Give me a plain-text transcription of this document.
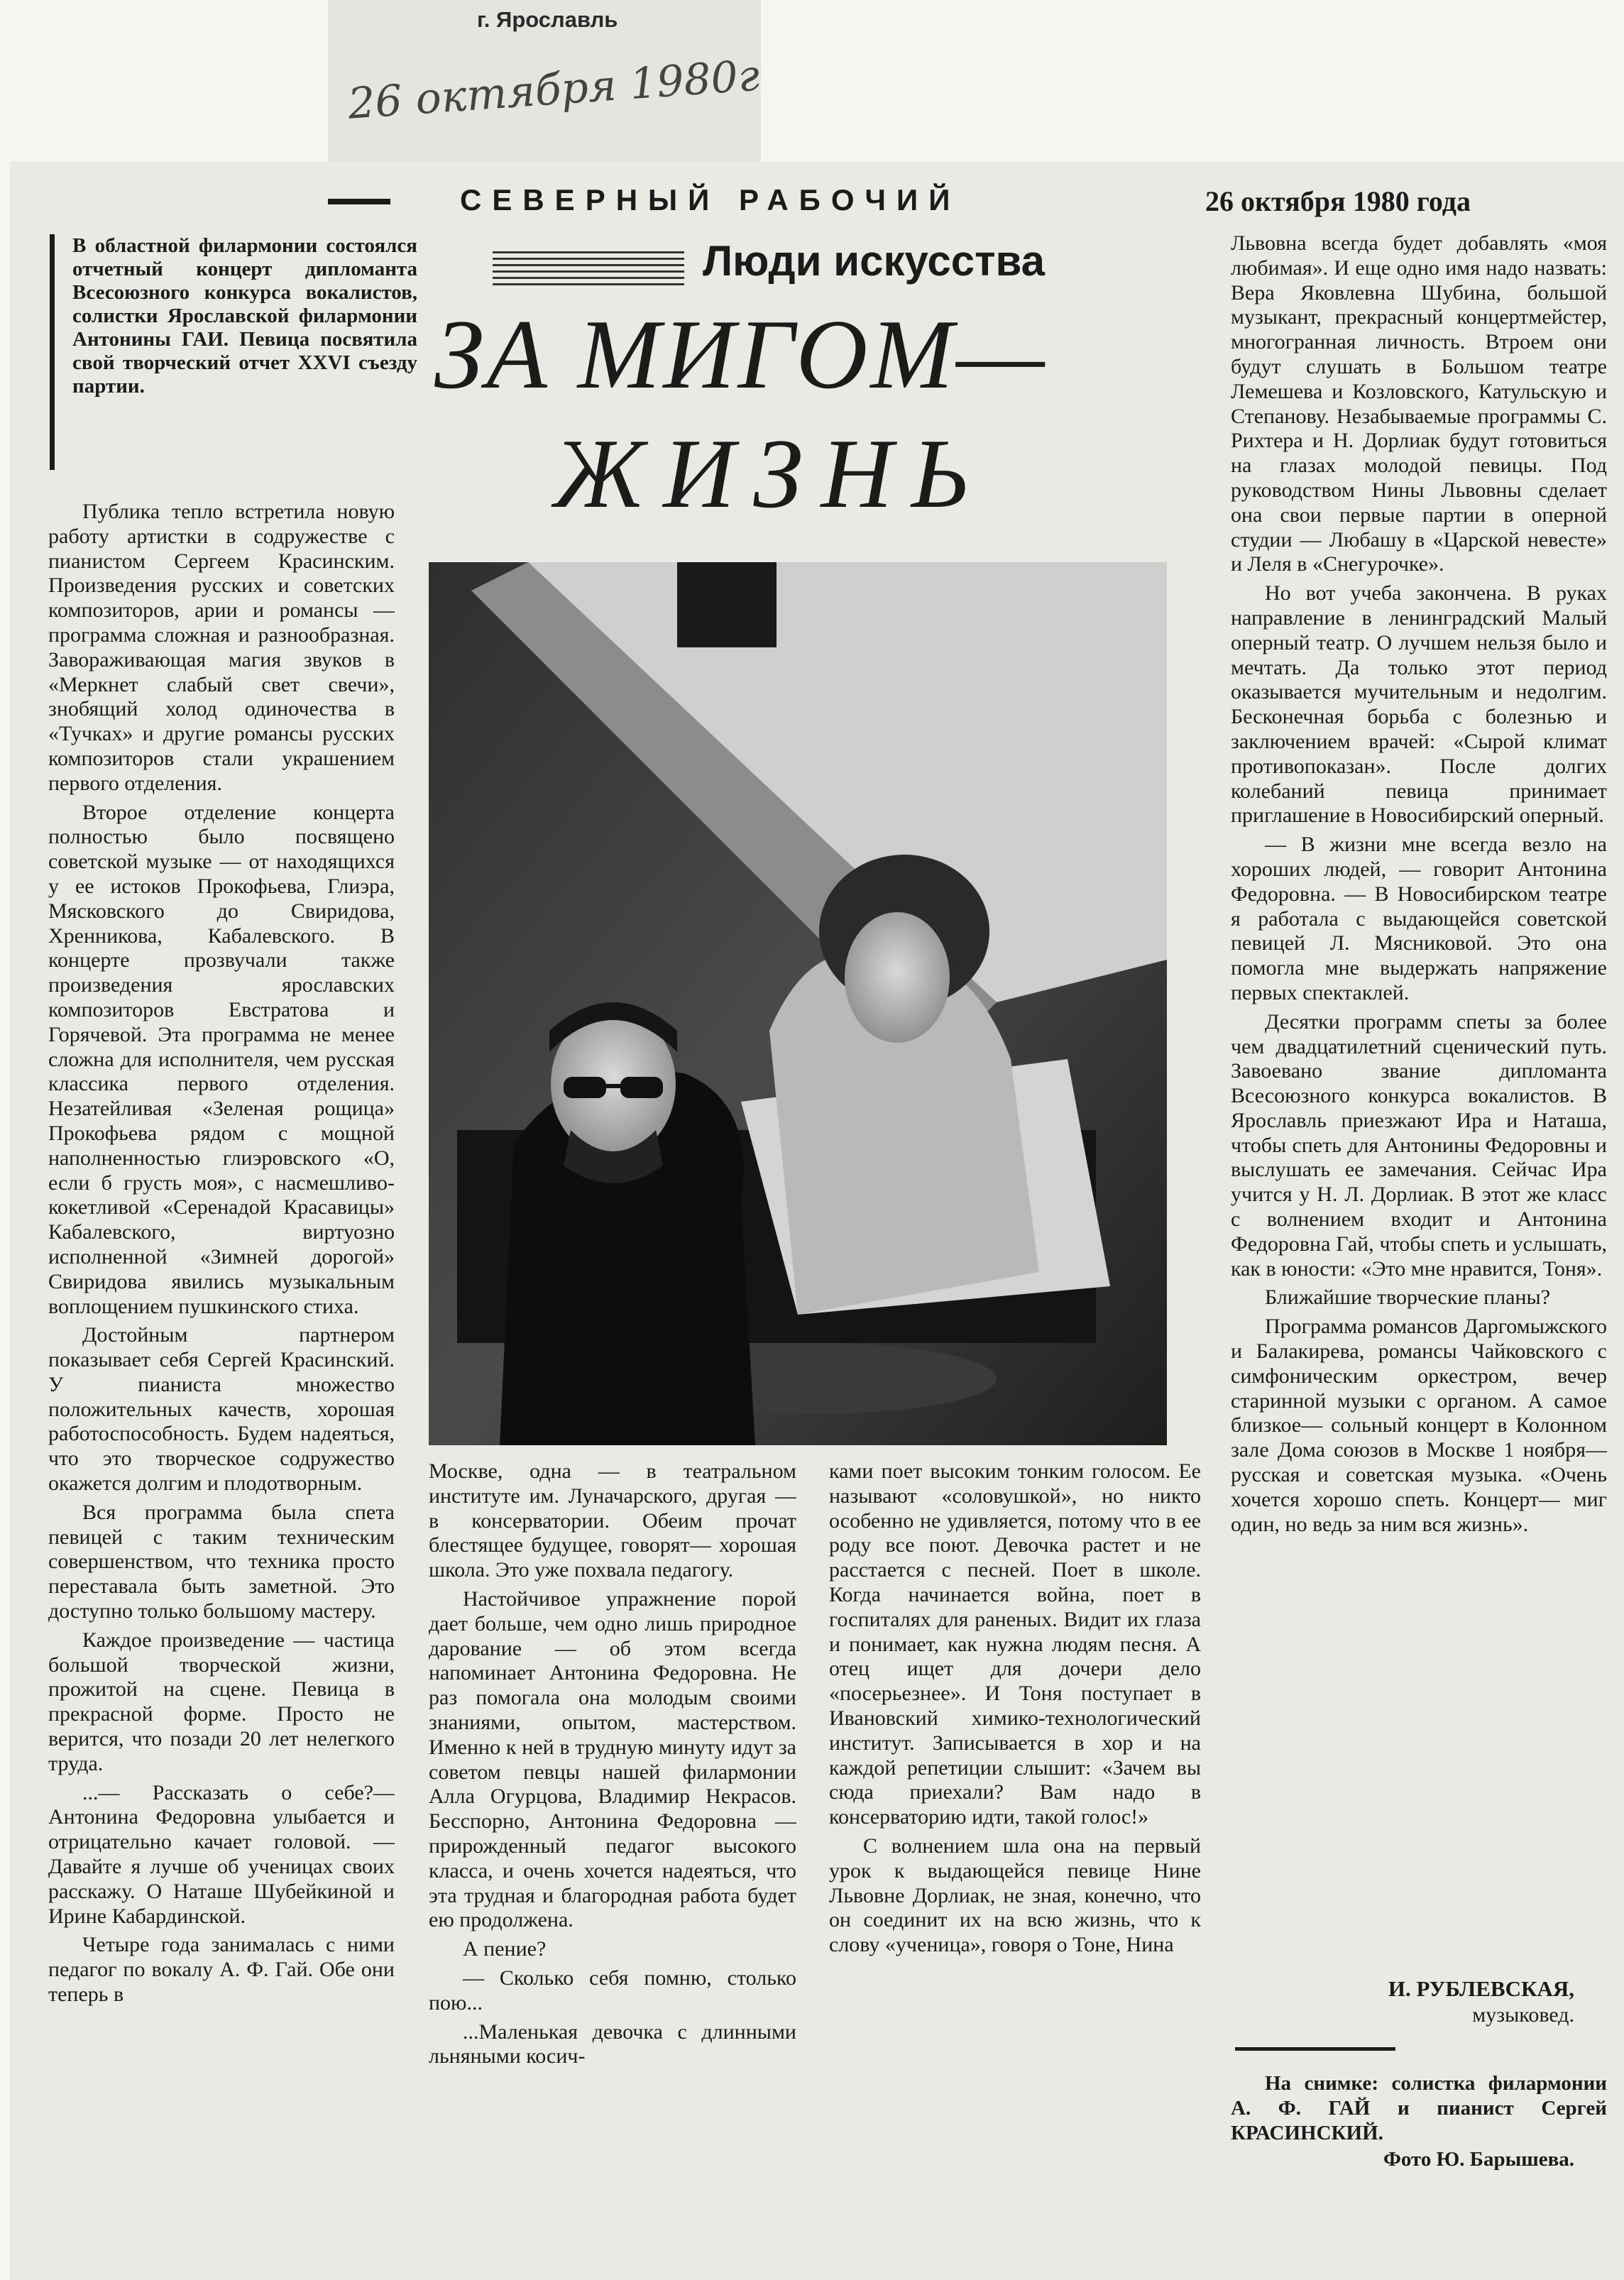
г. Ярославль
26 октября 1980г
СЕВЕРНЫЙ РАБОЧИЙ	26 октября 1980 года
В областной филармонии состоялся отчетный концерт дипломанта Всесоюзного конкурса вокалистов, солистки Ярославской филармонии Антонины ГАИ. Певица посвятила свой творческий отчет XXVI съезду партии.
Люди искусства
ЗА МИГОМ—
ЖИЗНЬ

Публика тепло встретила новую работу артистки в содружестве с пианистом Сергеем Красинским. Произведения русских и советских композиторов, арии и романсы — программа сложная и разнообразная. Завораживающая магия звуков в «Меркнет слабый свет свечи», знобящий холод одиночества в «Тучках» и другие романсы русских композиторов стали украшением первого отделения.

Второе отделение концерта полностью было посвящено советской музыке — от находящихся у ее истоков Прокофьева, Глиэра, Мясковского до Свиридова, Хренникова, Кабалевского. В концерте прозвучали также произведения ярославских композиторов Евстратова и Горячевой. Эта программа не менее сложна для исполнителя, чем русская классика первого отделения. Незатейливая «Зеленая рощица» Прокофьева рядом с мощной наполненностью глиэровского «О, если б грусть моя», с насмешливо-кокетливой «Серенадой Красавицы» Кабалевского, виртуозно исполненной «Зимней дорогой» Свиридова явились музыкальным воплощением пушкинского стиха.

Достойным партнером показывает себя Сергей Красинский. У пианиста множество положительных качеств, хорошая работоспособность. Будем надеяться, что это творческое содружество окажется долгим и плодотворным.

Вся программа была спета певицей с таким техническим совершенством, что техника просто переставала быть заметной. Это доступно только большому мастеру.

Каждое произведение — частица большой творческой жизни, прожитой на сцене. Певица в прекрасной форме. Просто не верится, что позади 20 лет нелегкого труда.

...— Рассказать о себе?— Антонина Федоровна улыбается и отрицательно качает головой. — Давайте я лучше об ученицах своих расскажу. О Наташе Шубейкиной и Ирине Кабардинской.

Четыре года занималась с ними педагог по вокалу А. Ф. Гай. Обе они теперь в

Москве, одна — в театральном институте им. Луначарского, другая — в консерватории. Обеим прочат блестящее будущее, говорят— хорошая школа. Это уже похвала педагогу.

Настойчивое упражнение порой дает больше, чем одно лишь природное дарование — об этом всегда напоминает Антонина Федоровна. Не раз помогала она молодым своими знаниями, опытом, мастерством. Именно к ней в трудную минуту идут за советом певцы нашей филармонии Алла Огурцова, Владимир Некрасов. Бесспорно, Антонина Федоровна — прирожденный педагог высокого класса, и очень хочется надеяться, что эта трудная и благородная работа будет ею продолжена.

А пение?

— Сколько себя помню, столько пою...

...Маленькая девочка с длинными льняными косич-

ками поет высоким тонким голосом. Ее называют «соловушкой», но никто особенно не удивляется, потому что в ее роду все поют. Девочка растет и не расстается с песней. Поет в школе. Когда начинается война, поет в госпиталях для раненых. Видит их глаза и понимает, как нужна людям песня. А отец ищет для дочери дело «посерьезнее». И Тоня поступает в Ивановский химико-технологический институт. Записывается в хор и на каждой репетиции слышит: «Зачем вы сюда приехали? Вам надо в консерваторию идти, такой голос!»

С волнением шла она на первый урок к выдающейся певице Нине Львовне Дорлиак, не зная, конечно, что он соединит их на всю жизнь, что к слову «ученица», говоря о Тоне, Нина

Львовна всегда будет добавлять «моя любимая». И еще одно имя надо назвать: Вера Яковлевна Шубина, большой музыкант, прекрасный концертмейстер, многогранная личность. Втроем они будут слушать в Большом театре Лемешева и Козловского, Катульскую и Степанову. Незабываемые программы С. Рихтера и Н. Дорлиак будут готовиться на глазах молодой певицы. Под руководством Нины Львовны сделает она свои первые партии в оперной студии — Любашу в «Царской невесте» и Леля в «Снегурочке».

Но вот учеба закончена. В руках направление в ленинградский Малый оперный театр. О лучшем нельзя было и мечтать. Да только этот период оказывается мучительным и недолгим. Бесконечная борьба с болезнью и заключением врачей: «Сырой климат противопоказан». После долгих колебаний певица принимает приглашение в Новосибирский оперный.

— В жизни мне всегда везло на хороших людей, — говорит Антонина Федоровна. — В Новосибирском театре я работала с выдающейся советской певицей Л. Мясниковой. Это она помогла мне выдержать напряжение первых спектаклей.

Десятки программ спеты за более чем двадцатилетний сценический путь. Завоевано звание дипломанта Всесоюзного конкурса вокалистов. В Ярославль приезжают Ира и Наташа, чтобы спеть для Антонины Федоровны и выслушать ее замечания. Сейчас Ира учится у Н. Л. Дорлиак. В этот же класс с волнением входит и Антонина Федоровна Гай, чтобы спеть и услышать, как в юности: «Это мне нравится, Тоня».

Ближайшие творческие планы?

Программа романсов Даргомыжского и Балакирева, романсы Чайковского с симфоническим оркестром, вечер старинной музыки с органом. А самое близкое— сольный концерт в Колонном зале Дома союзов в Москве 1 ноября—русская и советская музыка. «Очень хочется хорошо спеть. Концерт— миг один, но ведь за ним вся жизнь».

И. РУБЛЕВСКАЯ,
музыковед.
На снимке: солистка филармонии А. Ф. ГАЙ и пианист Сергей КРАСИНСКИЙ.
Фото Ю. Барышева.
